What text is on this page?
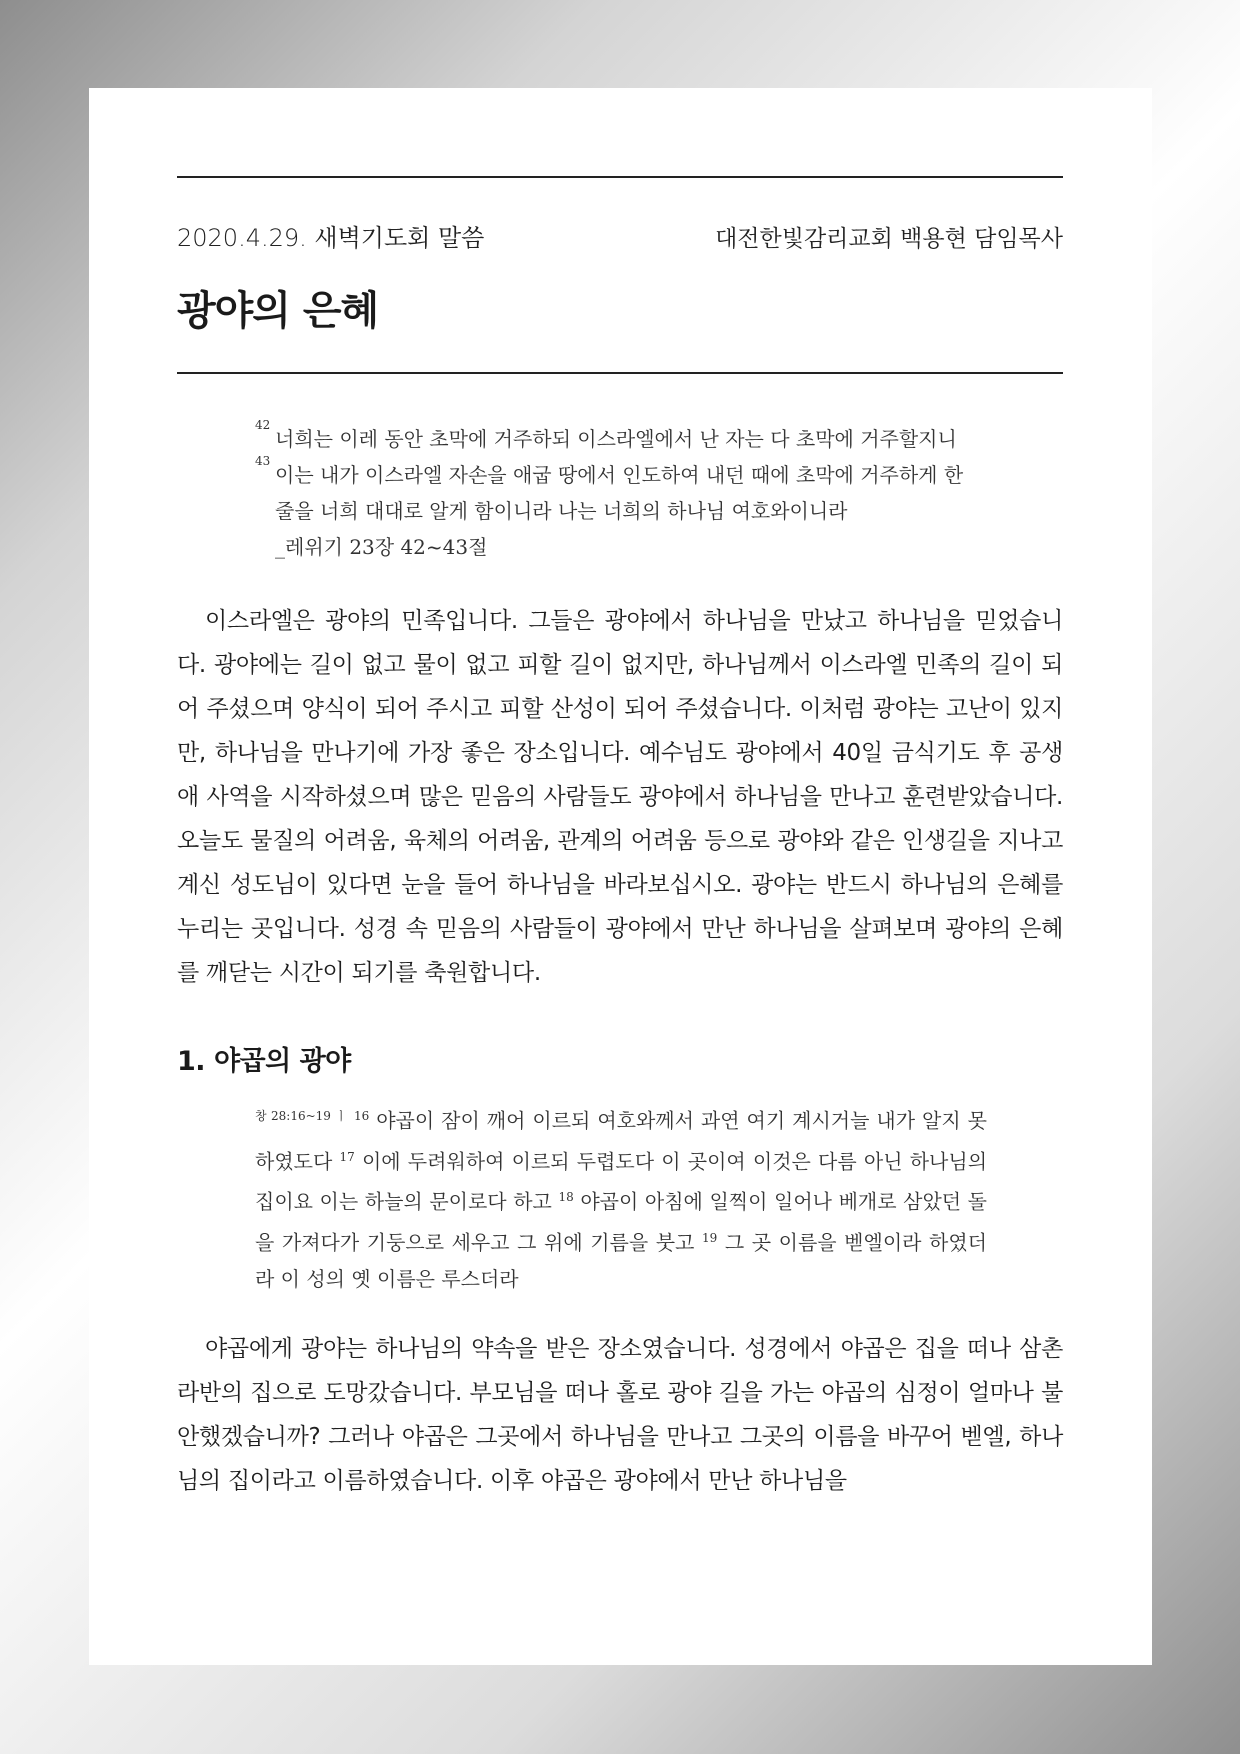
2020.4.29. 새벽기도회 말씀	대전한빛감리교회 백용현 담임목사
광야의 은혜
42
너희는 이레 동안 초막에 거주하되 이스라엘에서 난 자는 다 초막에 거주할지니
43
이는 내가 이스라엘 자손을 애굽 땅에서 인도하여 내던 때에 초막에 거주하게 한 줄을 너희 대대로 알게 함이니라 나는 너희의 하나님 여호와이니라
_레위기 23장 42~43절

이스라엘은 광야의 민족입니다. 그들은 광야에서 하나님을 만났고 하나님을 믿었습니다. 광야에는 길이 없고 물이 없고 피할 길이 없지만, 하나님께서 이스라엘 민족의 길이 되어 주셨으며 양식이 되어 주시고 피할 산성이 되어 주셨습니다. 이처럼 광야는 고난이 있지만, 하나님을 만나기에 가장 좋은 장소입니다. 예수님도 광야에서 40일 금식기도 후 공생애 사역을 시작하셨으며 많은 믿음의 사람들도 광야에서 하나님을 만나고 훈련받았습니다. 오늘도 물질의 어려움, 육체의 어려움, 관계의 어려움 등으로 광야와 같은 인생길을 지나고 계신 성도님이 있다면 눈을 들어 하나님을 바라보십시오. 광야는 반드시 하나님의 은혜를 누리는 곳입니다. 성경 속 믿음의 사람들이 광야에서 만난 하나님을 살펴보며 광야의 은혜를 깨닫는 시간이 되기를 축원합니다.

1. 야곱의 광야
$^{창 28:16\sim 19 ㅣ}$ $^{16}$ 야곱이 잠이 깨어 이르되 여호와께서 과연 여기 계시거늘 내가 알지 못하였도다 $^{17}$ 이에 두려워하여 이르되 두렵도다 이 곳이여 이것은 다름 아닌 하나님의 집이요 이는 하늘의 문이로다 하고 $^{18}$ 야곱이 아침에 일찍이 일어나 베개로 삼았던 돌을 가져다가 기둥으로 세우고 그 위에 기름을 붓고 $^{19}$ 그 곳 이름을 벧엘이라 하였더라 이 성의 옛 이름은 루스더라

야곱에게 광야는 하나님의 약속을 받은 장소였습니다. 성경에서 야곱은 집을 떠나 삼촌 라반의 집으로 도망갔습니다. 부모님을 떠나 홀로 광야 길을 가는 야곱의 심정이 얼마나 불안했겠습니까? 그러나 야곱은 그곳에서 하나님을 만나고 그곳의 이름을 바꾸어 벧엘, 하나님의 집이라고 이름하였습니다. 이후 야곱은 광야에서 만난 하나님을
